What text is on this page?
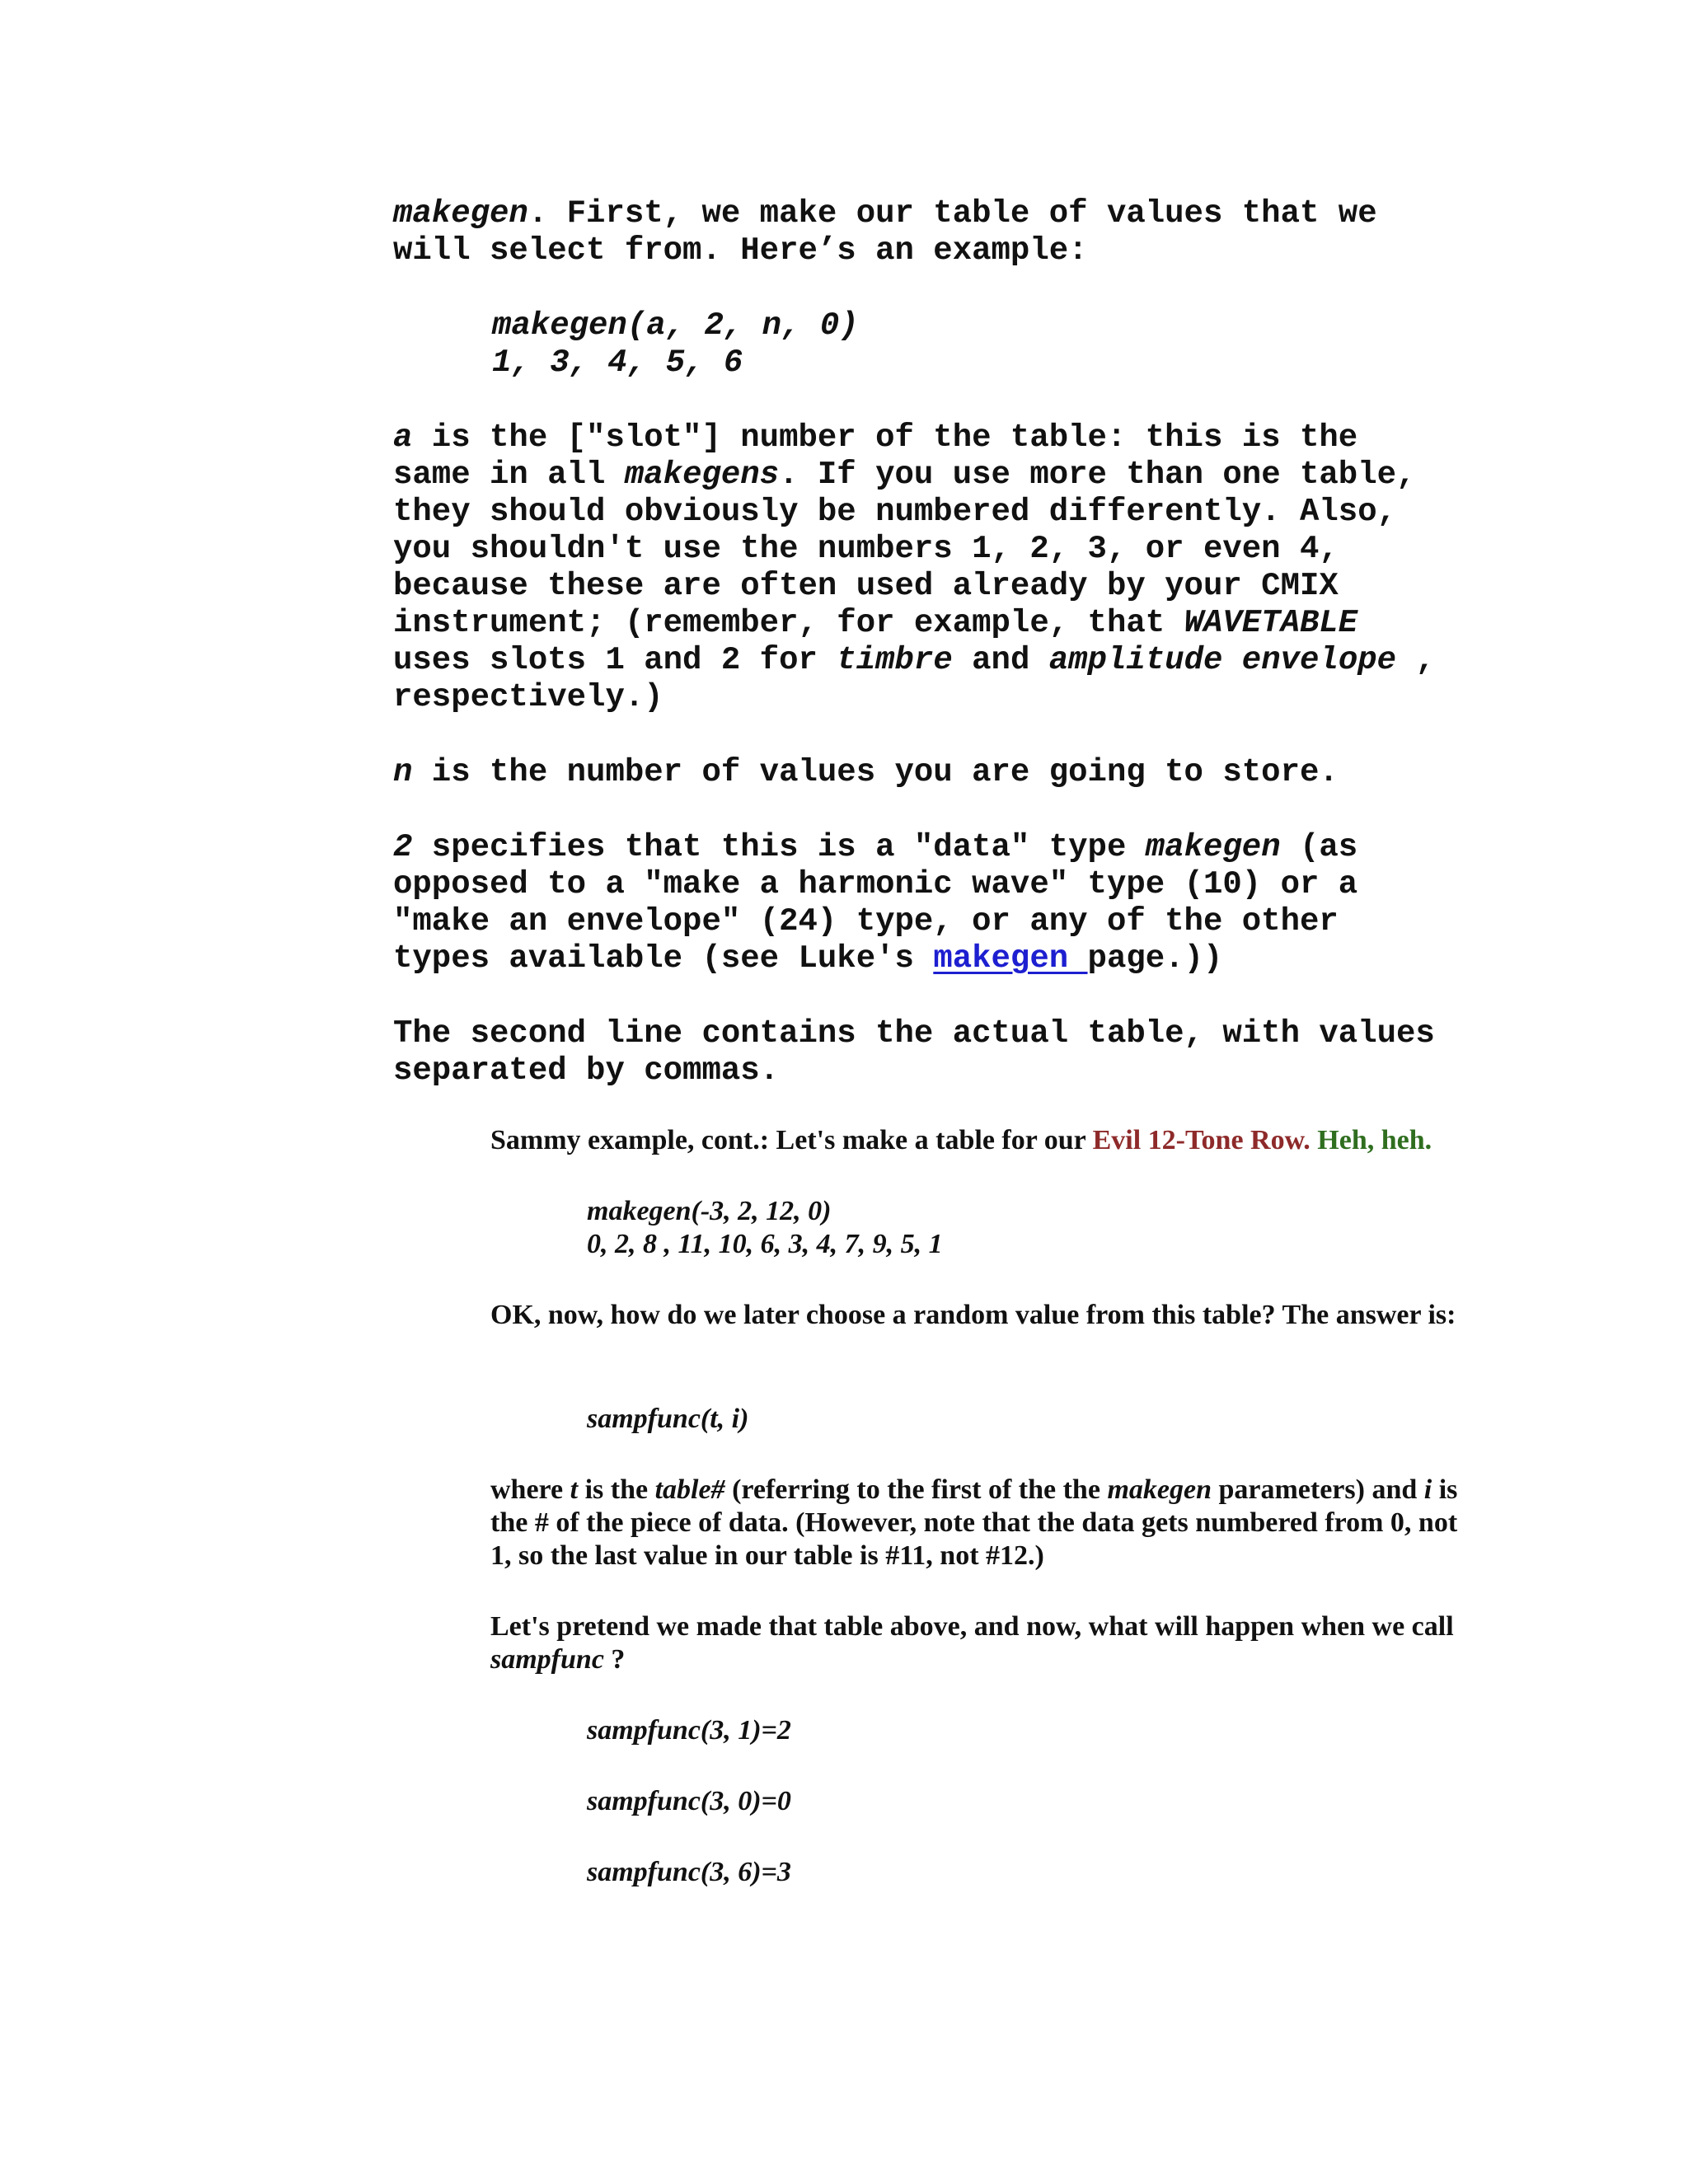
makegen. First, we make our table of values that we

will select from. Here’s an example:

makegen(a, 2, n, 0)

1, 3, 4, 5, 6

a is the ["slot"] number of the table: this is the

same in all makegens. If you use more than one table,

they should obviously be numbered differently. Also,

you shouldn't use the numbers 1, 2, 3, or even 4,

because these are often used already by your CMIX

instrument; (remember, for example, that WAVETABLE

uses slots 1 and 2 for timbre and amplitude envelope ,

respectively.)

n is the number of values you are going to store.

2 specifies that this is a "data" type makegen (as

opposed to a "make a harmonic wave" type (10) or a

"make an envelope" (24) type, or any of the other

types available (see Luke's makegen page.))

The second line contains the actual table, with values

separated by commas.

Sammy example, cont.: Let's make a table for our Evil 12-Tone Row. Heh, heh.

makegen(-3, 2, 12, 0)

0, 2, 8 , 11, 10, 6, 3, 4, 7, 9, 5, 1

OK, now, how do we later choose a random value from this table? The answer is:

sampfunc(t, i)

where t is the table# (referring to the first of the the makegen parameters) and i is the # of the piece of data. (However, note that the data gets numbered from 0, not 1, so the last value in our table is #11, not #12.)

Let's pretend we made that table above, and now, what will happen when we call sampfunc ?

sampfunc(3, 1)=2

sampfunc(3, 0)=0

sampfunc(3, 6)=3
